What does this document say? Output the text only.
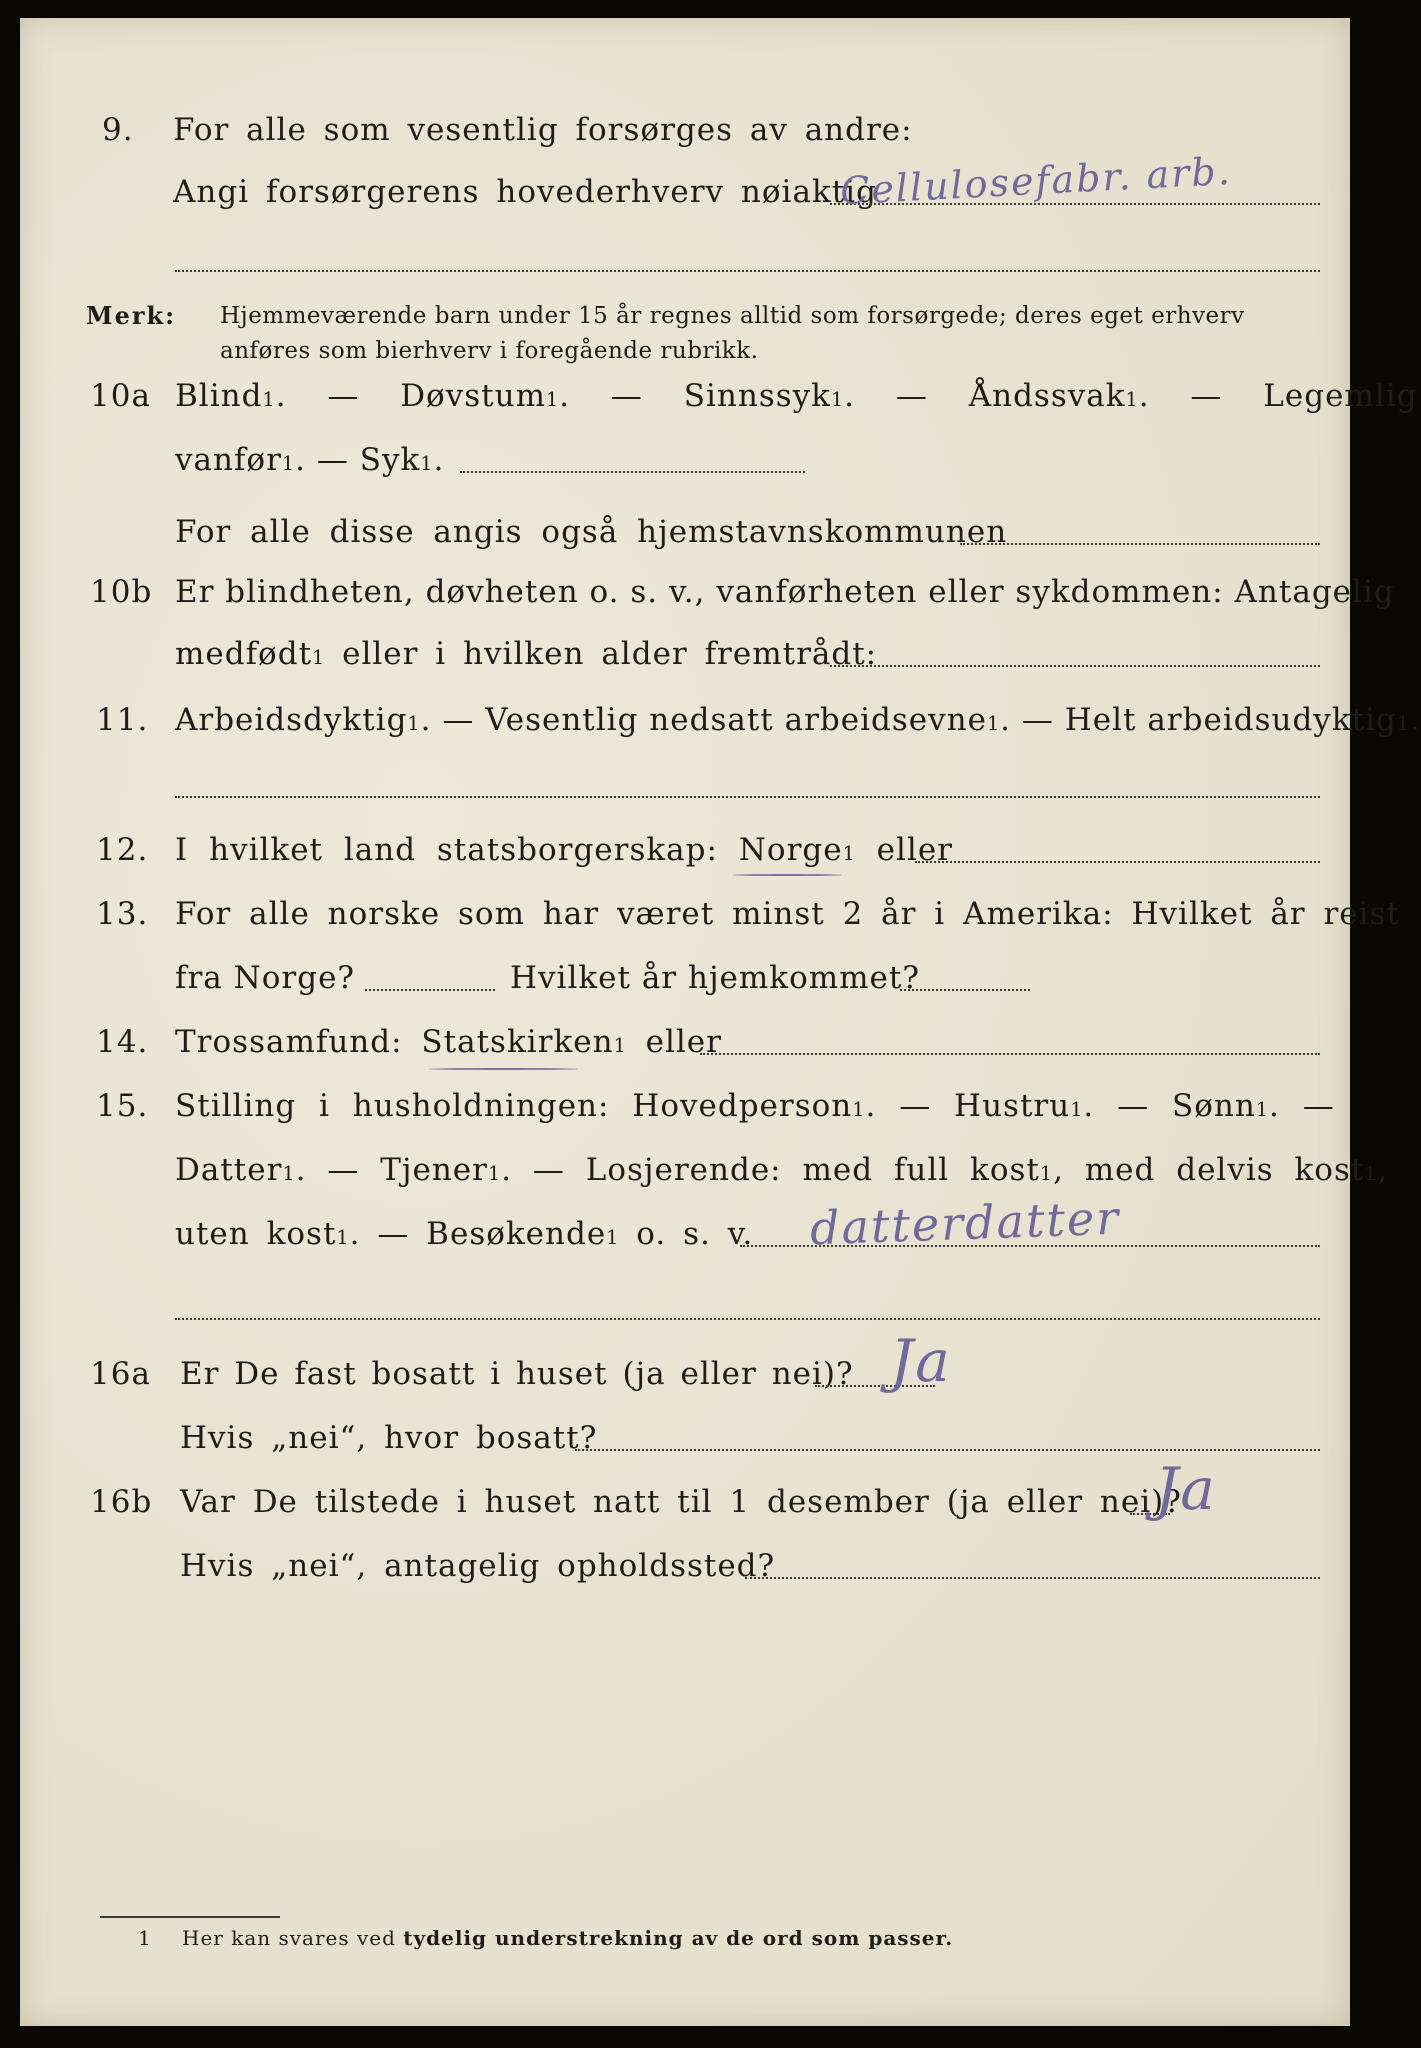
9. For alle som vesentlig forsørges av andre:
Angi forsørgerens hovederhverv nøiaktig
Cellulosefabr. arb.
Merk: Hjemmeværende barn under 15 år regnes alltid som forsørgede; deres eget erhverv
anføres som bierhverv i foregående rubrikk.
10a Blind$^1$. — Døvstum$^1$. — Sinnssyk$^1$. — Åndssvak$^1$. — Legemlig
vanfør$^1$. — Syk$^1$.
For alle disse angis også hjemstavnskommunen
10b Er blindheten, døvheten o. s. v., vanførheten eller sykdommen: Antagelig
medfødt$^1$ eller i hvilken alder fremtrådt:
11. Arbeidsdyktig$^1$. — Vesentlig nedsatt arbeidsevne$^1$. — Helt arbeidsudyktig$^1$.
12. I hvilket land statsborgerskap: Norge$^1$ eller
13. For alle norske som har været minst 2 år i Amerika: Hvilket år reist
fra Norge?	Hvilket år hjemkommet?
14. Trossamfund: Statskirken$^1$ eller
15. Stilling i husholdningen: Hovedperson$^1$. — Hustru$^1$. — Sønn$^1$. —
Datter$^1$. — Tjener$^1$. — Losjerende: med full kost$^1$, med delvis kost$^1$,
uten kost$^1$. — Besøkende$^1$ o. s. v. datterdatter
16a Er De fast bosatt i huset (ja eller nei)? Ja
Hvis „nei“, hvor bosatt?
16b Var De tilstede i huset natt til 1 desember (ja eller nei)?
Ja
Hvis „nei“, antagelig opholdssted?
1 Her kan svares ved tydelig understrekning av de ord som passer.
